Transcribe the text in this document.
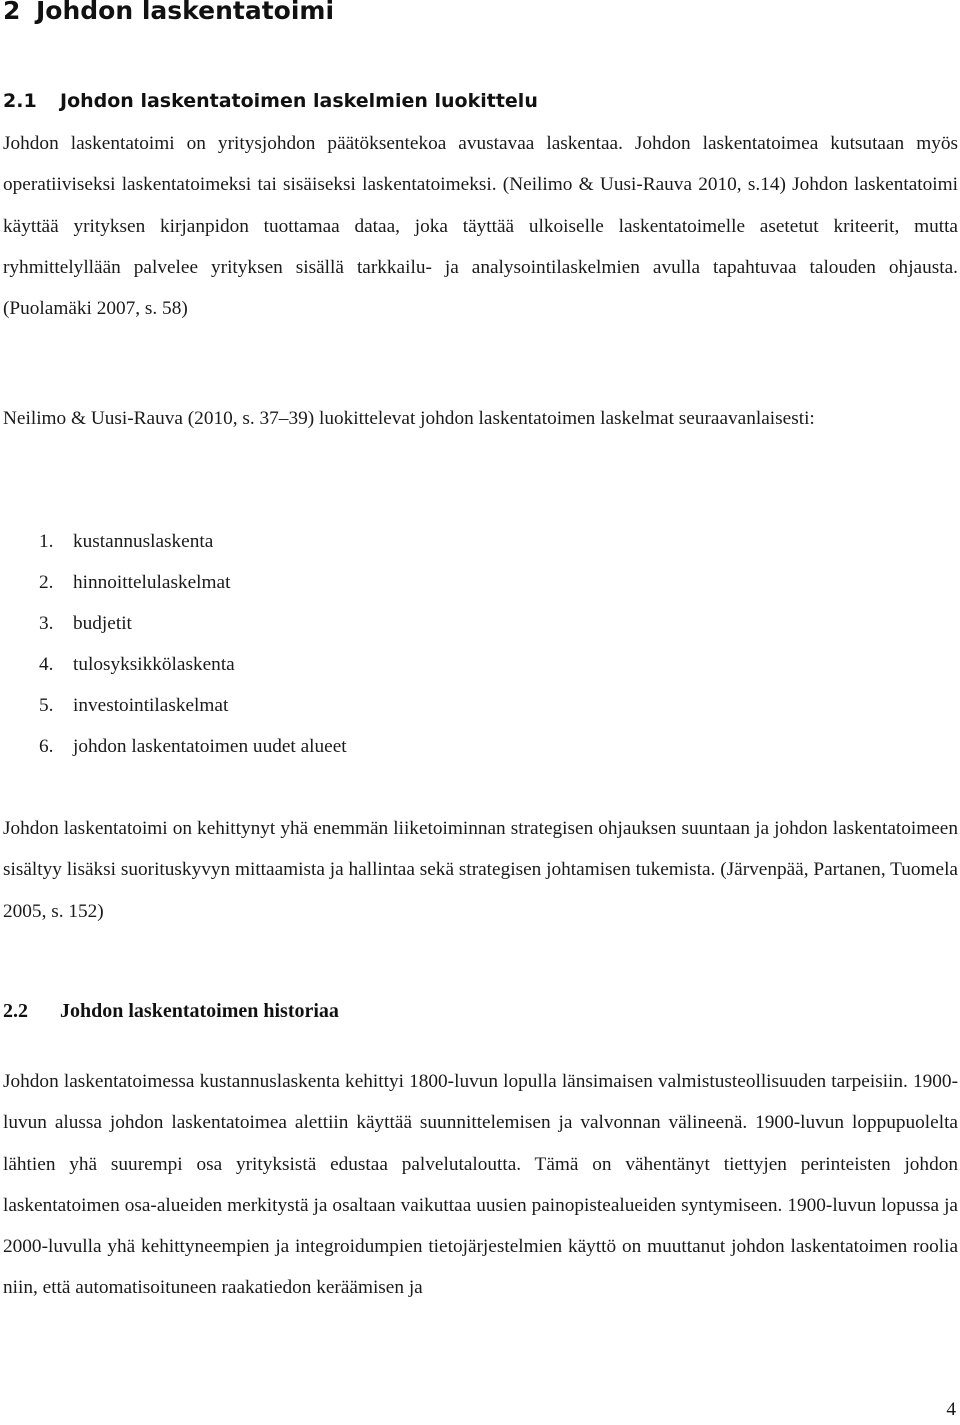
2 Johdon laskentatoimi
2.1 Johdon laskentatoimen laskelmien luokittelu

Johdon laskentatoimi on yritysjohdon päätöksentekoa avustavaa laskentaa. Johdon laskentatoimea kutsutaan myös operatiiviseksi laskentatoimeksi tai sisäiseksi laskentatoimeksi. (Neilimo & Uusi-Rauva 2010, s.14) Johdon laskentatoimi käyttää yrityksen kirjanpidon tuottamaa dataa, joka täyttää ulkoiselle laskentatoimelle asetetut kriteerit, mutta ryhmittelyllään palvelee yrityksen sisällä tarkkailu- ja analysointilaskelmien avulla tapahtuvaa talouden ohjausta. (Puolamäki 2007, s. 58)

Neilimo & Uusi-Rauva (2010, s. 37–39) luokittelevat johdon laskentatoimen laskelmat seuraavanlaisesti:

1. kustannuslaskenta
2. hinnoittelulaskelmat
3. budjetit
4. tulosyksikkölaskenta
5. investointilaskelmat
6. johdon laskentatoimen uudet alueet

Johdon laskentatoimi on kehittynyt yhä enemmän liiketoiminnan strategisen ohjauksen suuntaan ja johdon laskentatoimeen sisältyy lisäksi suorituskyvyn mittaamista ja hallintaa sekä strategisen johtamisen tukemista. (Järvenpää, Partanen, Tuomela 2005, s. 152)

2.2 Johdon laskentatoimen historiaa

Johdon laskentatoimessa kustannuslaskenta kehittyi 1800-luvun lopulla länsimaisen valmistusteollisuuden tarpeisiin. 1900-luvun alussa johdon laskentatoimea alettiin käyttää suunnittelemisen ja valvonnan välineenä. 1900-luvun loppupuolelta lähtien yhä suurempi osa yrityksistä edustaa palvelutaloutta. Tämä on vähentänyt tiettyjen perinteisten johdon laskentatoimen osa-alueiden merkitystä ja osaltaan vaikuttaa uusien painopistealueiden syntymiseen. 1900-luvun lopussa ja 2000-luvulla yhä kehittyneempien ja integroidumpien tietojärjestelmien käyttö on muuttanut johdon laskentatoimen roolia niin, että automatisoituneen raakatiedon keräämisen ja

4
